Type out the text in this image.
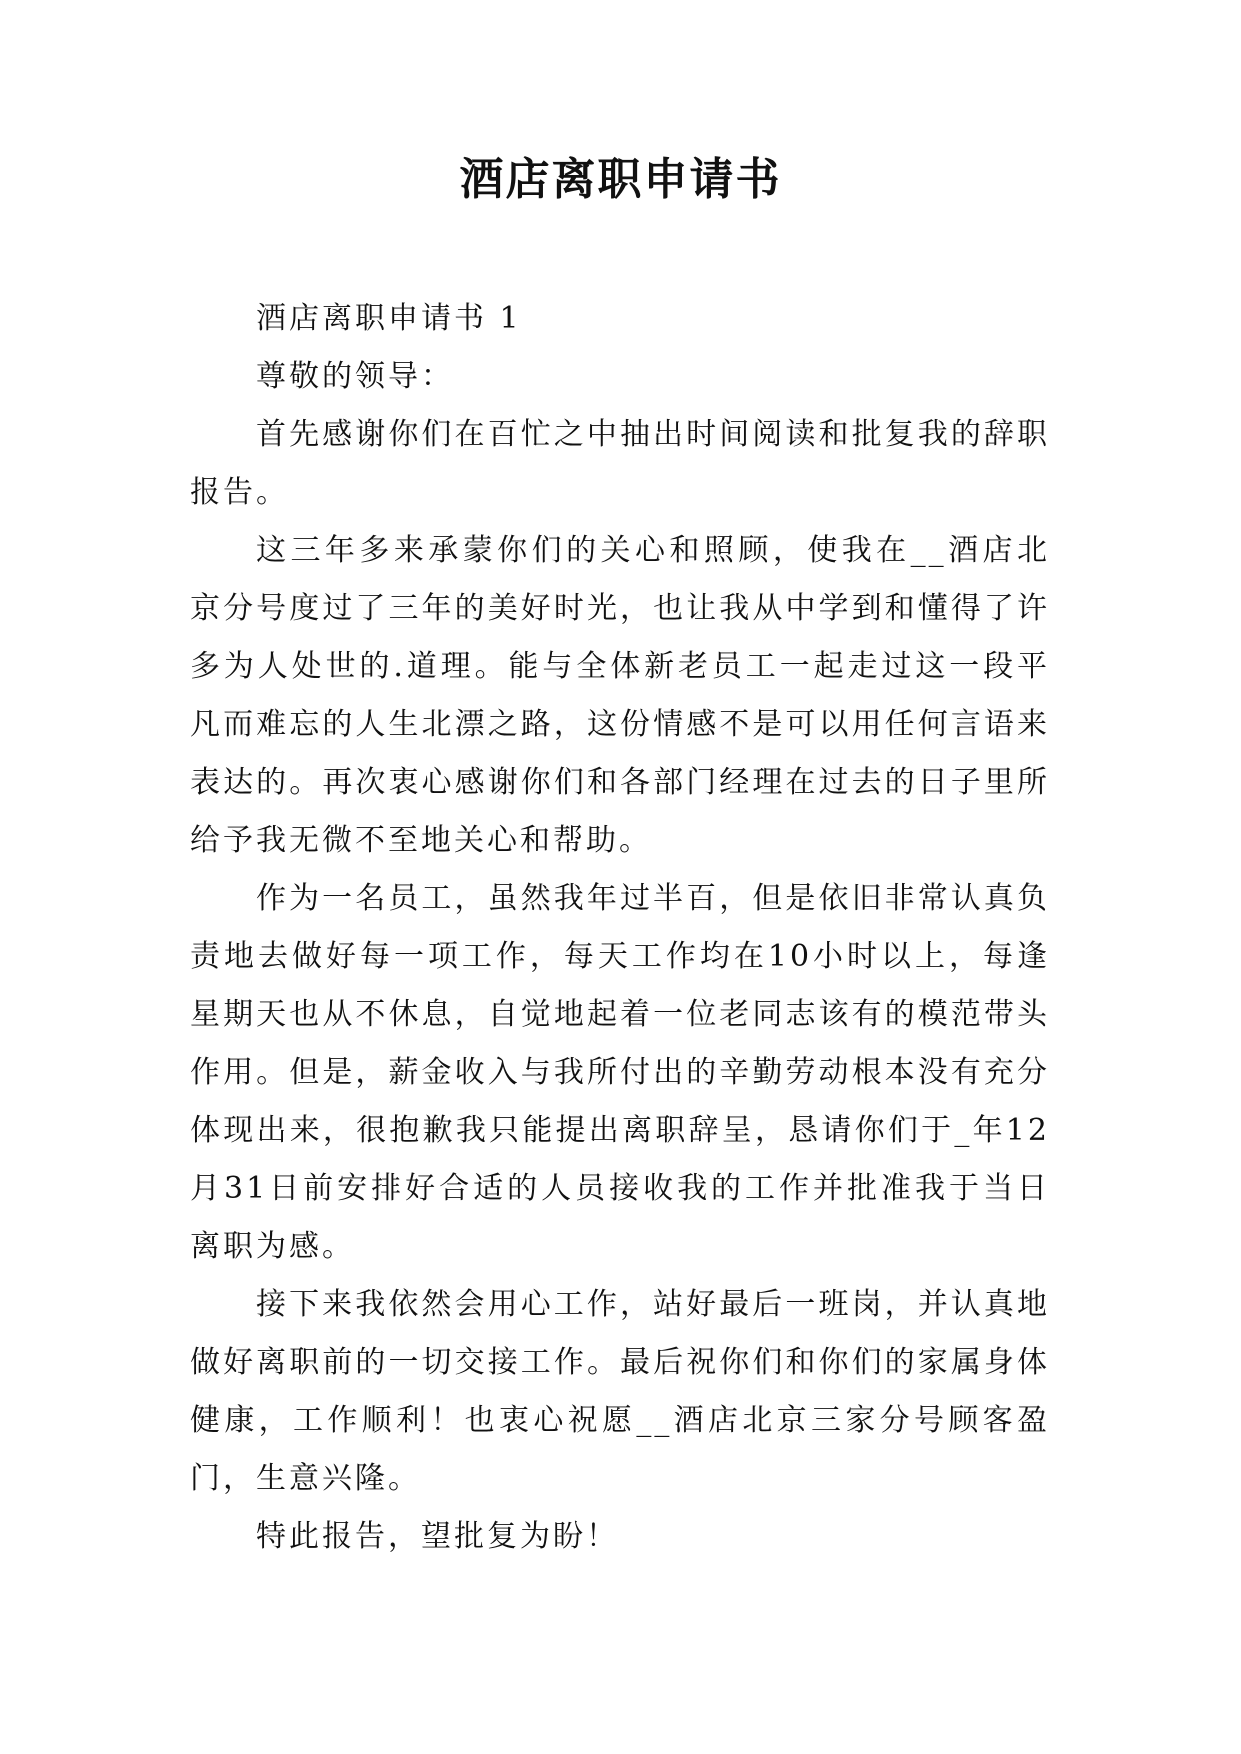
酒店离职申请书

酒店离职申请书 1

尊敬的领导：

首先感谢你们在百忙之中抽出时间阅读和批复我的辞职报告。

这三年多来承蒙你们的关心和照顾，使我在__酒店北京分号度过了三年的美好时光，也让我从中学到和懂得了许多为人处世的.道理。能与全体新老员工一起走过这一段平凡而难忘的人生北漂之路，这份情感不是可以用任何言语来表达的。再次衷心感谢你们和各部门经理在过去的日子里所给予我无微不至地关心和帮助。

作为一名员工，虽然我年过半百，但是依旧非常认真负责地去做好每一项工作，每天工作均在10小时以上，每逢星期天也从不休息，自觉地起着一位老同志该有的模范带头作用。但是，薪金收入与我所付出的辛勤劳动根本没有充分体现出来，很抱歉我只能提出离职辞呈，恳请你们于_年12月31日前安排好合适的人员接收我的工作并批准我于当日离职为感。

接下来我依然会用心工作，站好最后一班岗，并认真地做好离职前的一切交接工作。最后祝你们和你们的家属身体健康，工作顺利！也衷心祝愿__酒店北京三家分号顾客盈门，生意兴隆。

特此报告，望批复为盼！
